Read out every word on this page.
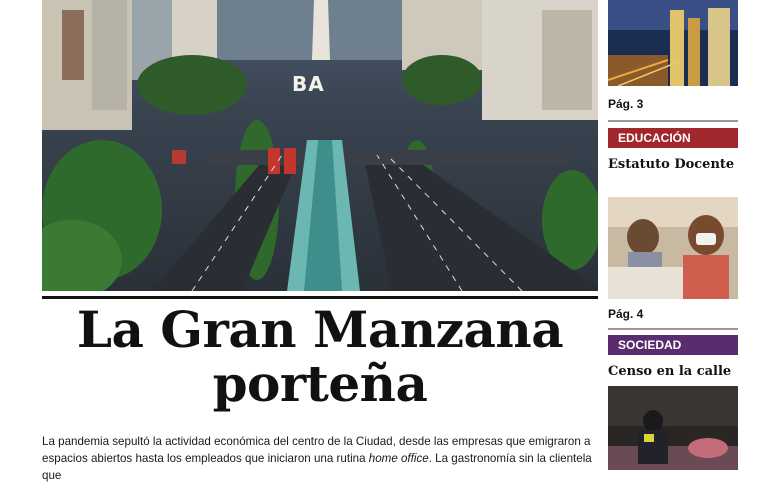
BA
La Gran Manzana
porteña

La pandemia sepultó la actividad económica del centro de la Ciudad, desde las empresas que emigraron a espacios abiertos hasta los empleados que iniciaron una rutina home office. La gastronomía sin la clientela que

Pág. 3
EDUCACIÓN
Estatuto Docente
Pág. 4
SOCIEDAD
Censo en la calle
